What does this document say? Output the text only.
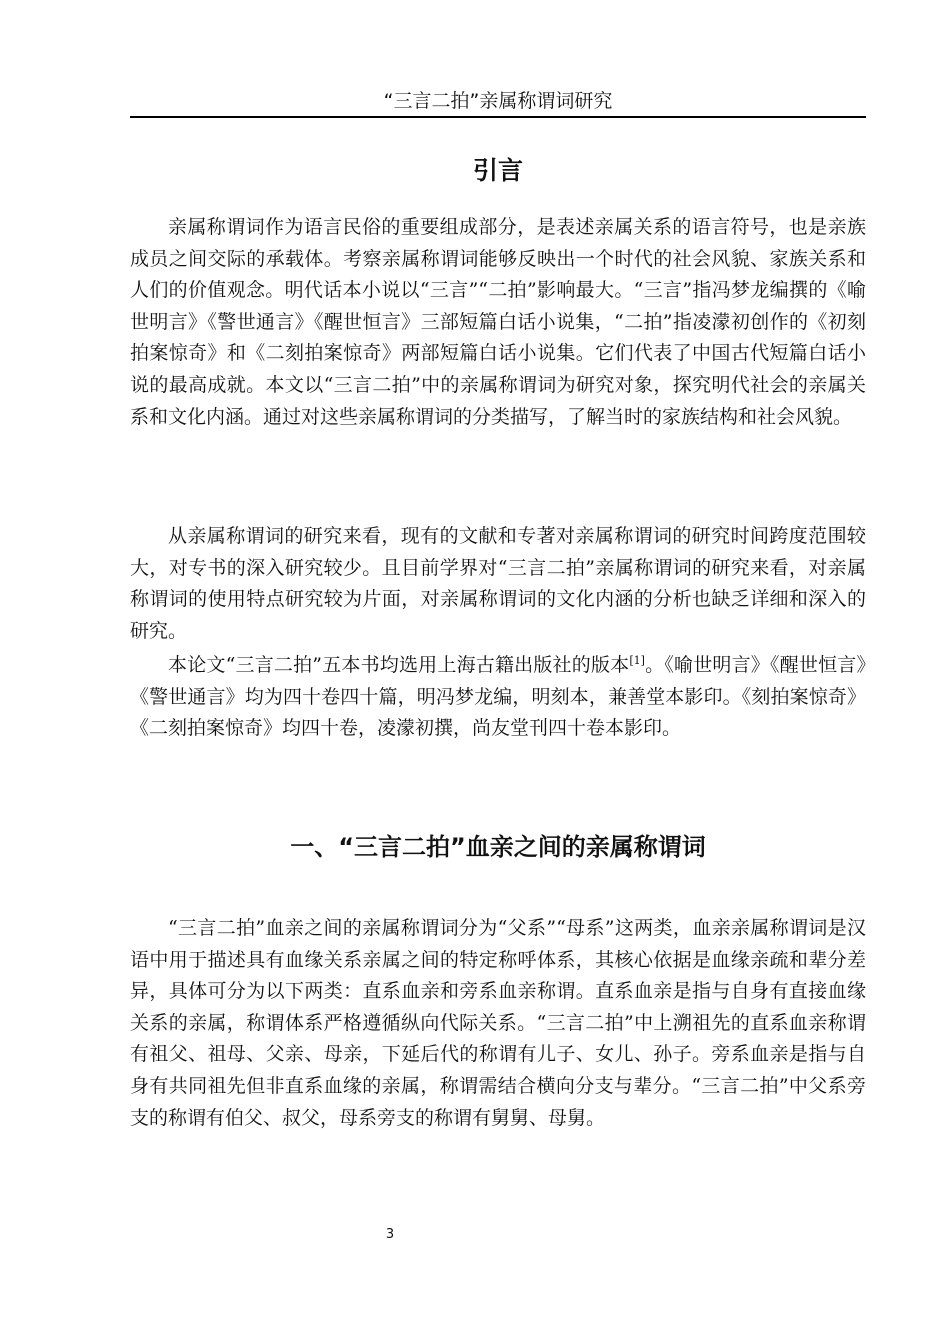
“三言二拍”亲属称谓词研究
引言

亲属称谓词作为语言民俗的重要组成部分，是表述亲属关系的语言符号，也是亲族成员之间交际的承载体。考察亲属称谓词能够反映出一个时代的社会风貌、家族关系和人们的价值观念。明代话本小说以“三言”“二拍”影响最大。“三言”指冯梦龙编撰的《喻世明言》《警世通言》《醒世恒言》三部短篇白话小说集，“二拍”指凌濛初创作的《初刻拍案惊奇》和《二刻拍案惊奇》两部短篇白话小说集。它们代表了中国古代短篇白话小说的最高成就。本文以“三言二拍”中的亲属称谓词为研究对象，探究明代社会的亲属关系和文化内涵。通过对这些亲属称谓词的分类描写，了解当时的家族结构和社会风貌。

从亲属称谓词的研究来看，现有的文献和专著对亲属称谓词的研究时间跨度范围较大，对专书的深入研究较少。且目前学界对“三言二拍”亲属称谓词的研究来看，对亲属称谓词的使用特点研究较为片面，对亲属称谓词的文化内涵的分析也缺乏详细和深入的研究。

本论文“三言二拍”五本书均选用上海古籍出版社的版本[1]。《喻世明言》《醒世恒言》《警世通言》均为四十卷四十篇，明冯梦龙编，明刻本，兼善堂本影印。《刻拍案惊奇》《二刻拍案惊奇》均四十卷，凌濛初撰，尚友堂刊四十卷本影印。

一、“三言二拍”血亲之间的亲属称谓词

“三言二拍”血亲之间的亲属称谓词分为“父系”“母系”这两类，血亲亲属称谓词是汉语中用于描述具有血缘关系亲属之间的特定称呼体系，其核心依据是血缘亲疏和辈分差异，具体可分为以下两类：直系血亲和旁系血亲称谓。直系血亲是指与自身有直接血缘关系的亲属，称谓体系严格遵循纵向代际关系。“三言二拍”中上溯祖先的直系血亲称谓有祖父、祖母、父亲、母亲，下延后代的称谓有儿子、女儿、孙子。旁系血亲是指与自身有共同祖先但非直系血缘的亲属，称谓需结合横向分支与辈分。“三言二拍”中父系旁支的称谓有伯父、叔父，母系旁支的称谓有舅舅、母舅。

3
